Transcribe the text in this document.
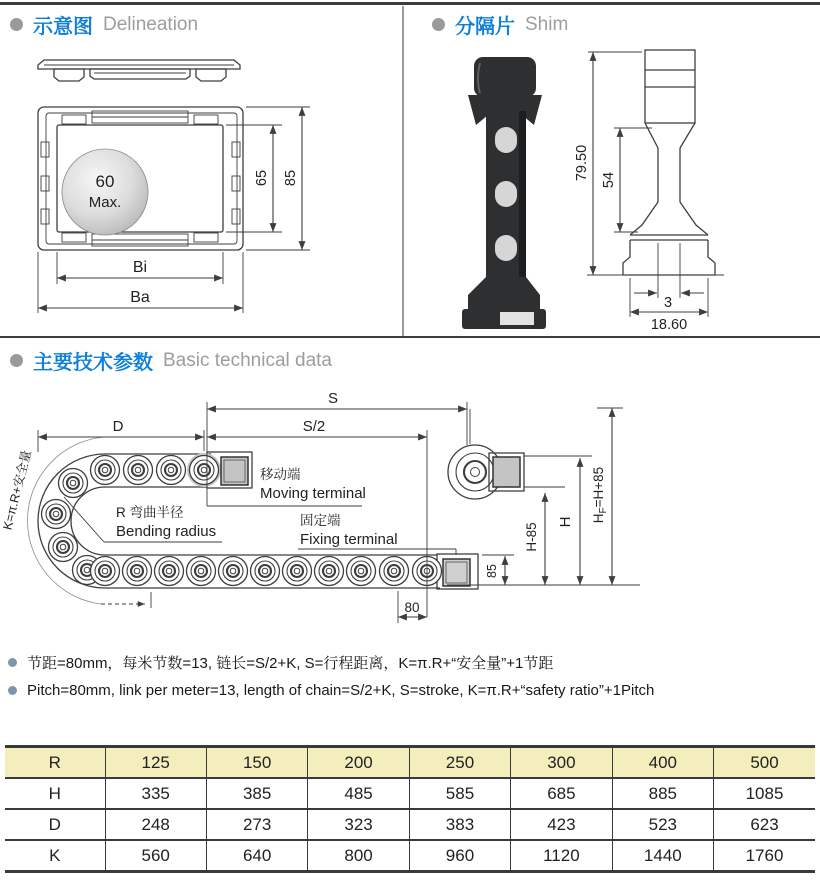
示意图 Delineation
60
Max.
65 85
Bi
Ba
分隔片 Shim
79.50 54
3
18.60
主要技术参数 Basic technical data
S
S/2
D
移动端
Moving terminal
固定端
Fixing terminal
R 弯曲半径
Bending radius
K=π.R+安全量	H
H-85
$H_F=H+85$
85
80
节距=80mm，每米节数=13, 链长=S/2+K, S=行程距离，K=π.R+“安全量”+1节距
Pitch=80mm, link per meter=13, length of chain=S/2+K, S=stroke, K=π.R+“safety ratio”+1Pitch
R	125	150	200	250	300	400	500
H	335	385	485	585	685	885	1085
D	248	273	323	383	423	523	623
K	560	640	800	960	1120	1440	1760
